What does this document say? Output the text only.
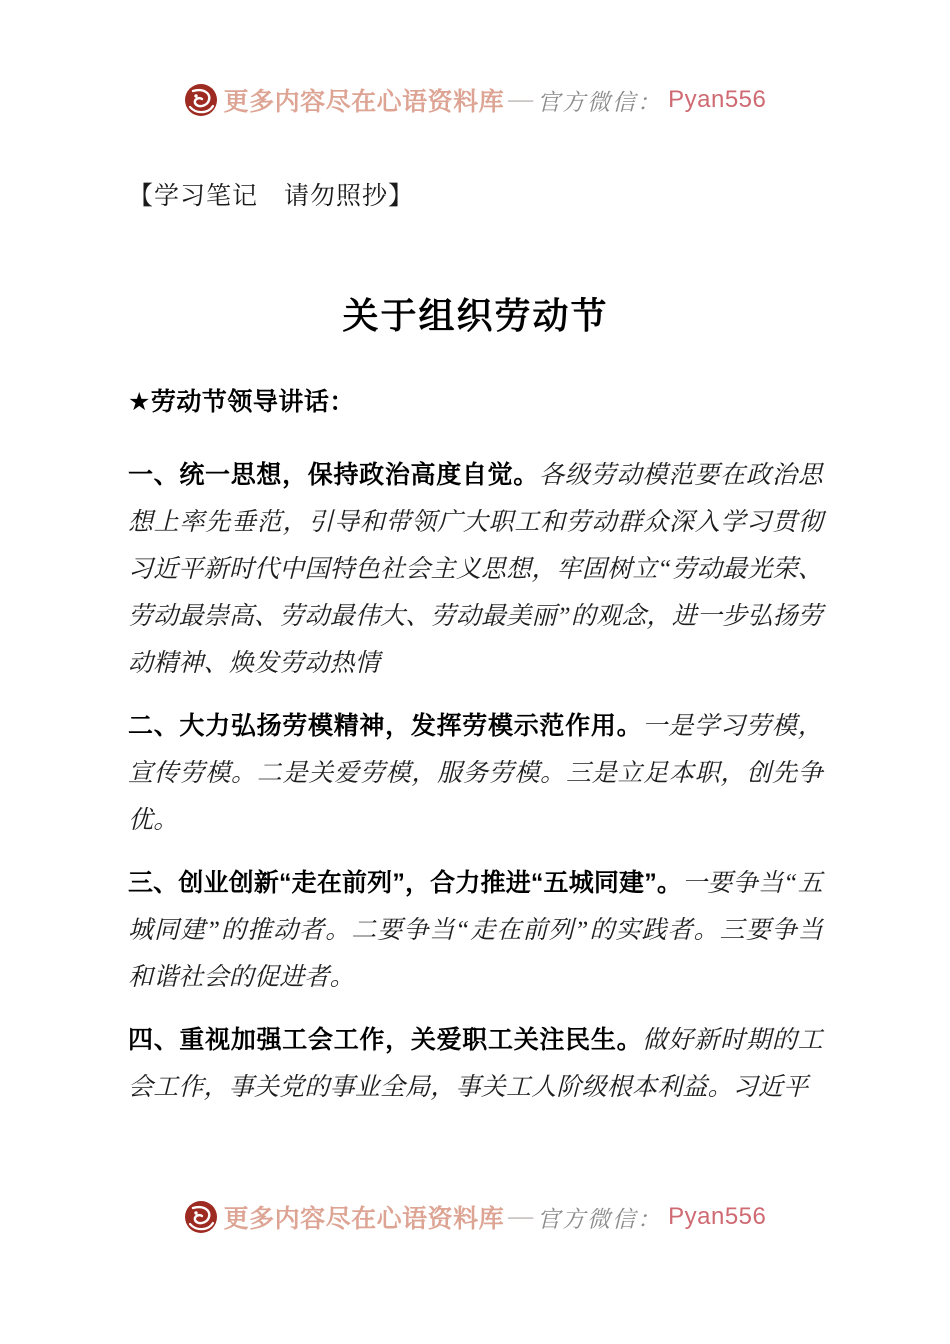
更多内容尽在心语资料库 — 官方微信： Pyan556
【学习笔记　请勿照抄】
关于组织劳动节
★劳动节领导讲话：

一、统一思想，保持政治高度自觉。各级劳动模范要在政治思想上率先垂范，引导和带领广大职工和劳动群众深入学习贯彻习近平新时代中国特色社会主义思想，牢固树立“劳动最光荣、劳动最崇高、劳动最伟大、劳动最美丽”的观念，进一步弘扬劳动精神、焕发劳动热情

二、大力弘扬劳模精神，发挥劳模示范作用。一是学习劳模，宣传劳模。二是关爱劳模，服务劳模。三是立足本职，创先争优。

三、创业创新“走在前列”，合力推进“五城同建”。一要争当“五城同建”的推动者。二要争当“走在前列”的实践者。三要争当和谐社会的促进者。

四、重视加强工会工作，关爱职工关注民生。做好新时期的工会工作，事关党的事业全局，事关工人阶级根本利益。习近平

更多内容尽在心语资料库 — 官方微信： Pyan556
